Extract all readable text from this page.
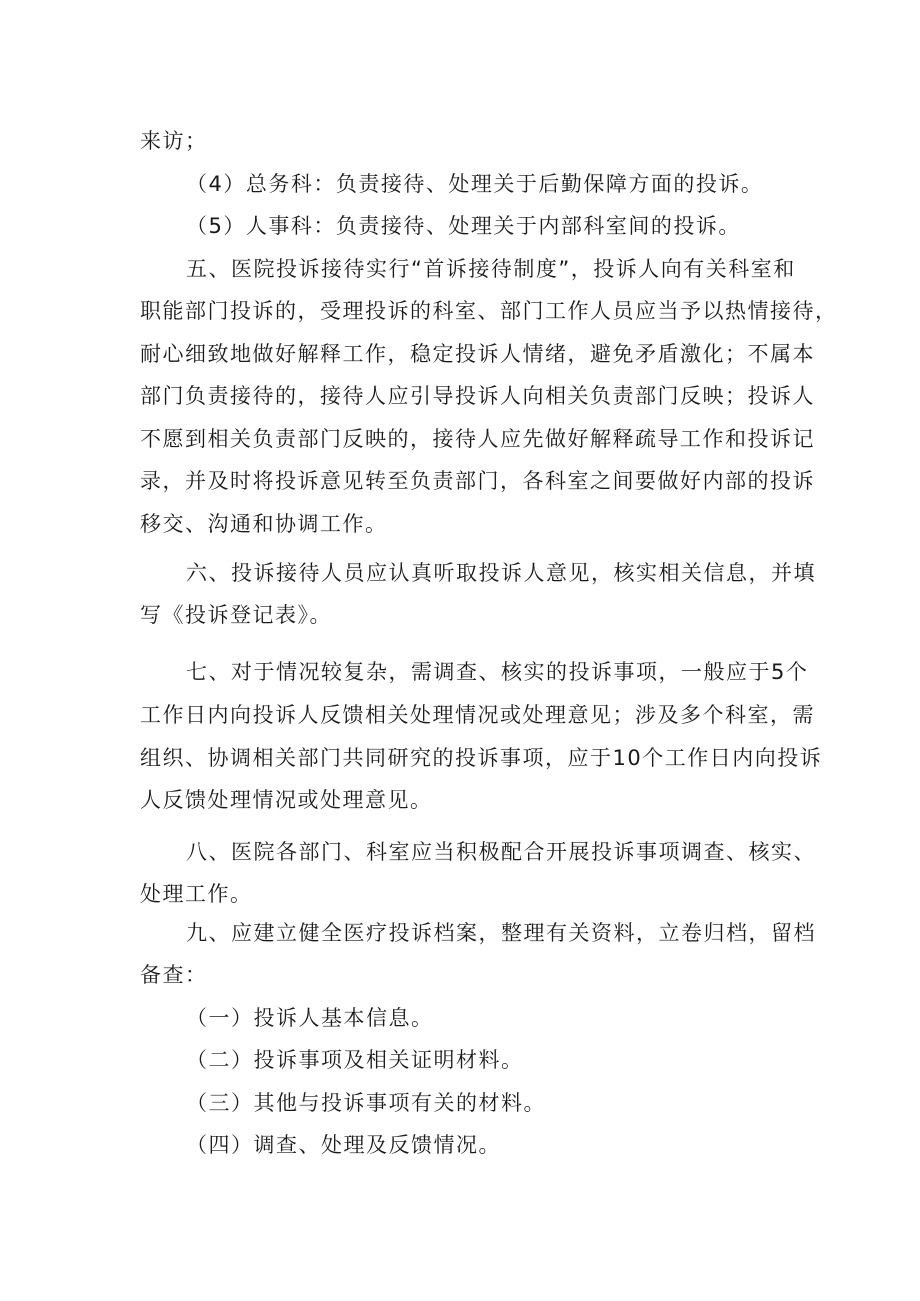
来访；
（4）总务科：负责接待、处理关于后勤保障方面的投诉。
（5）人事科：负责接待、处理关于内部科室间的投诉。
五、医院投诉接待实行“首诉接待制度”，投诉人向有关科室和
职能部门投诉的，受理投诉的科室、部门工作人员应当予以热情接待，
耐心细致地做好解释工作，稳定投诉人情绪，避免矛盾激化；不属本
部门负责接待的，接待人应引导投诉人向相关负责部门反映；投诉人
不愿到相关负责部门反映的，接待人应先做好解释疏导工作和投诉记
录，并及时将投诉意见转至负责部门，各科室之间要做好内部的投诉
移交、沟通和协调工作。
六、投诉接待人员应认真听取投诉人意见，核实相关信息，并填
写《投诉登记表》。
七、对于情况较复杂，需调查、核实的投诉事项，一般应于5个
工作日内向投诉人反馈相关处理情况或处理意见；涉及多个科室，需
组织、协调相关部门共同研究的投诉事项，应于10个工作日内向投诉
人反馈处理情况或处理意见。
八、医院各部门、科室应当积极配合开展投诉事项调查、核实、
处理工作。
九、应建立健全医疗投诉档案，整理有关资料，立卷归档，留档
备查：
（一）投诉人基本信息。
（二）投诉事项及相关证明材料。
（三）其他与投诉事项有关的材料。
（四）调查、处理及反馈情况。
